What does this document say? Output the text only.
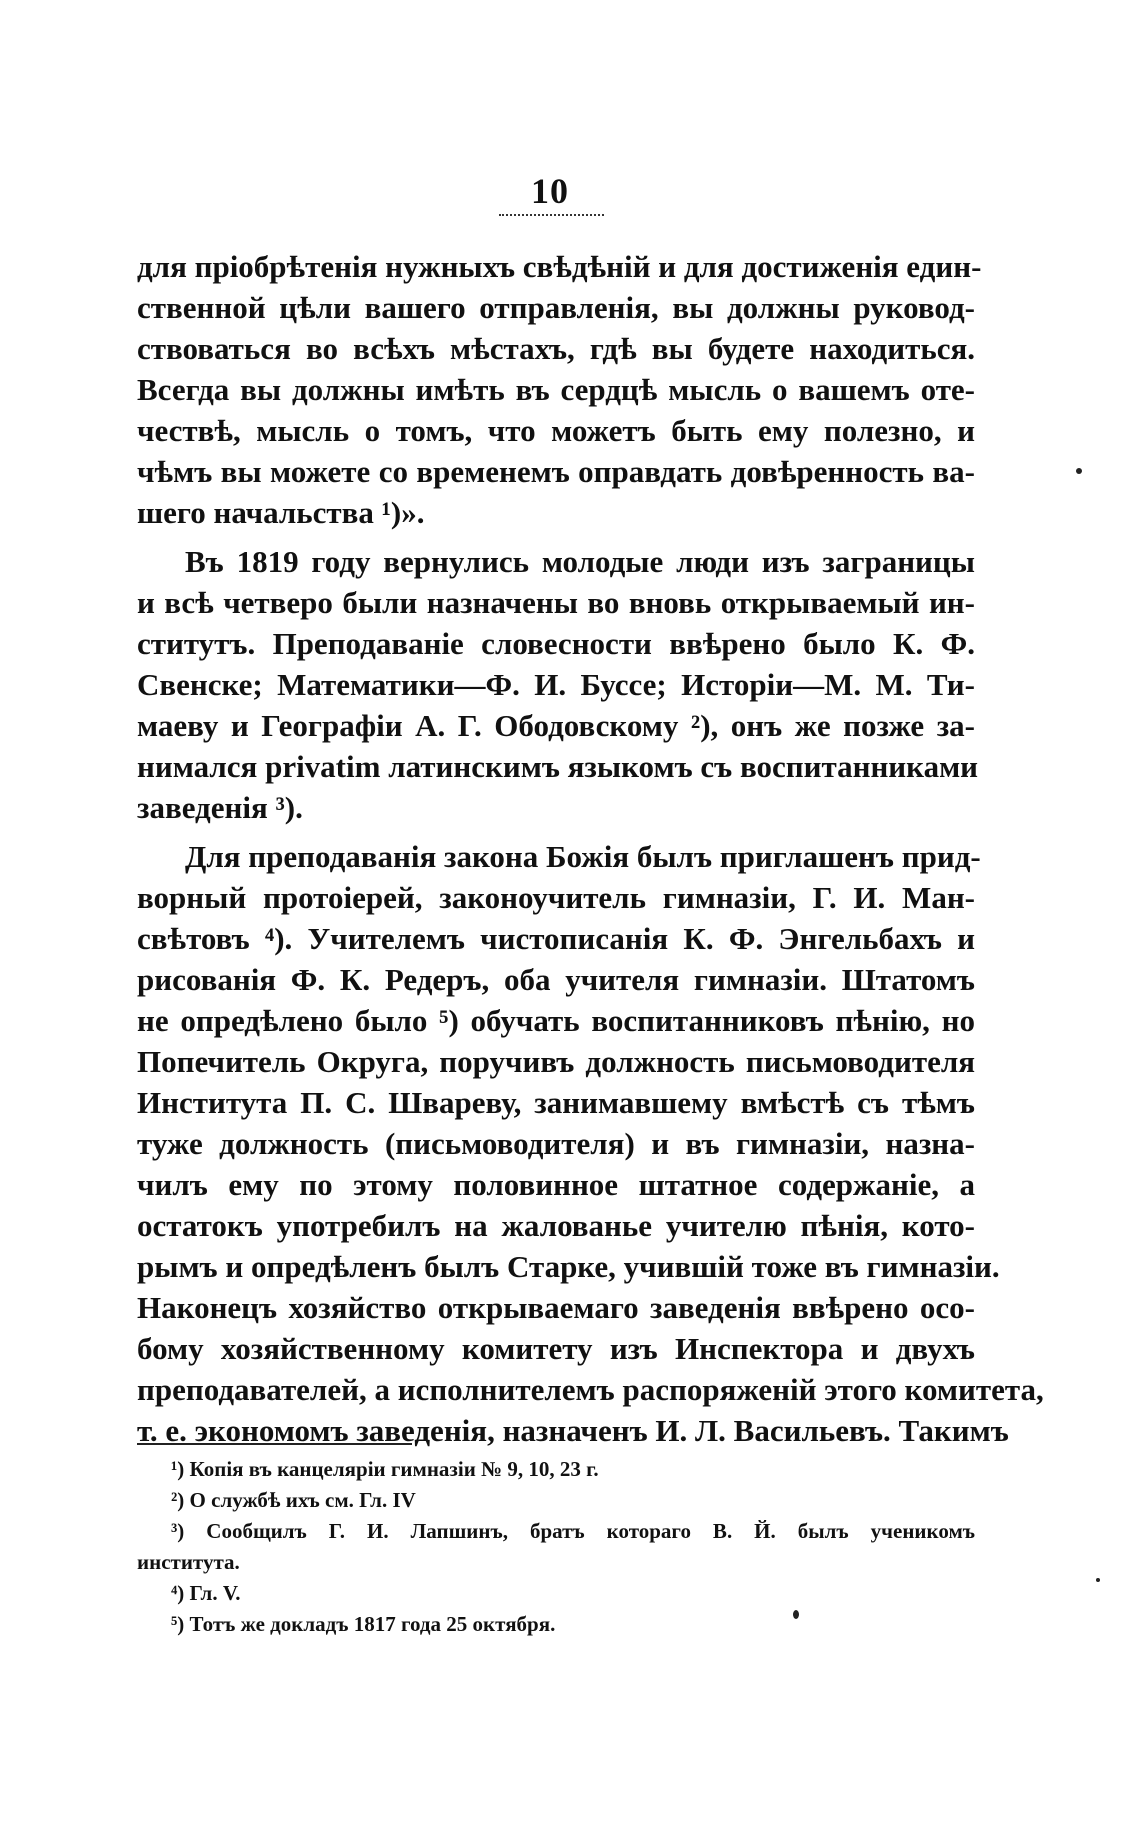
10
для пріобрѣтенія нужныхъ свѣдѣній и для достиженія един-
ственной цѣли вашего отправленія, вы должны руковод-
ствоваться во всѣхъ мѣстахъ, гдѣ вы будете находиться.
Всегда вы должны имѣть въ сердцѣ мысль о вашемъ оте-
чествѣ, мысль о томъ, что можетъ быть ему полезно, и
чѣмъ вы можете со временемъ оправдать довѣренность ва-
шего начальства ¹)».
Въ 1819 году вернулись молодые люди изъ заграницы
и всѣ четверо были назначены во вновь открываемый ин-
ститутъ. Преподаваніе словесности ввѣрено было К. Ф.
Свенске; Математики—Ф. И. Буссе; Исторіи—М. М. Ти-
маеву и Географіи А. Г. Ободовскому ²), онъ же позже за-
нимался privatim латинскимъ языкомъ съ воспитанниками
заведенія ³).
Для преподаванія закона Божія былъ приглашенъ прид-
ворный протоіерей, законоучитель гимназіи, Г. И. Ман-
свѣтовъ ⁴). Учителемъ чистописанія К. Ф. Энгельбахъ и
рисованія Ф. К. Редеръ, оба учителя гимназіи. Штатомъ
не опредѣлено было ⁵) обучать воспитанниковъ пѣнію, но
Попечитель Округа, поручивъ должность письмоводителя
Института П. С. Швареву, занимавшему вмѣстѣ съ тѣмъ
туже должность (письмоводителя) и въ гимназіи, назна-
чилъ ему по этому половинное штатное содержаніе, а
остатокъ употребилъ на жалованье учителю пѣнія, кото-
рымъ и опредѣленъ былъ Старке, учившій тоже въ гимназіи.
Наконецъ хозяйство открываемаго заведенія ввѣрено осо-
бому хозяйственному комитету изъ Инспектора и двухъ
преподавателей, а исполнителемъ распоряженій этого комитета,
т. е. экономомъ заведенія, назначенъ И. Л. Васильевъ. Такимъ
¹) Копія въ канцеляріи гимназіи № 9, 10, 23 г.
²) О службѣ ихъ см. Гл. IV
³) Сообщилъ Г. И. Лапшинъ, братъ котораго В. Й. былъ ученикомъ
института.
⁴) Гл. V.
⁵) Тотъ же докладъ 1817 года 25 октября.
